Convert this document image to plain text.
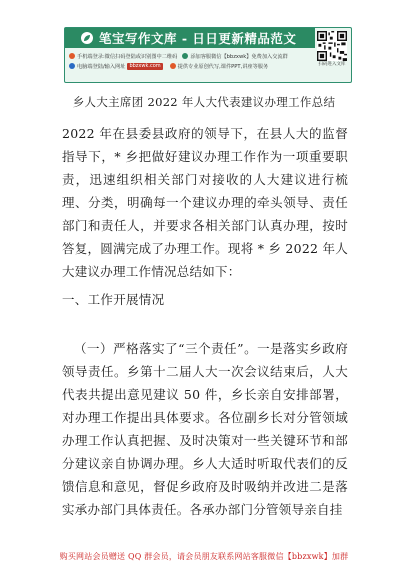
笔宝写作文库 - 日日更新精品范文
手机端登录:微信扫码登陆或识别图中二维码	添加客服微信【bbzxwk】免费加入交流群
电脑端登陆/输入网址 bbzxwk.com	提供专业原创代写,课件PPT,讲座等服务	扫码进入文库
乡人大主席团 2022 年人大代表建议办理工作总结
2022 年在县委县政府的领导下，在县人大的监督指导下，* 乡把做好建议办理工作作为一项重要职责，迅速组织相关部门对接收的人大建议进行梳理、分类，明确每一个建议办理的牵头领导、责任部门和责任人，并要求各相关部门认真办理，按时答复，圆满完成了办理工作。现将 * 乡 2022 年人大建议办理工作情况总结如下：
一、工作开展情况
（一）严格落实了“三个责任”。一是落实乡政府领导责任。乡第十二届人大一次会议结束后，人大代表共提出意见建议 50 件，乡长亲自安排部署，对办理工作提出具体要求。各位副乡长对分管领域办理工作认真把握、及时决策对一些关键环节和部分建议亲自协调办理。乡人大适时听取代表们的反馈信息和意见，督促乡政府及时吸纳并改进二是落实承办部门具体责任。各承办部门分管领导亲自挂
购买网站会员赠送 QQ 群会员，请会员朋友联系网站客服微信【bbzxwk】加群
